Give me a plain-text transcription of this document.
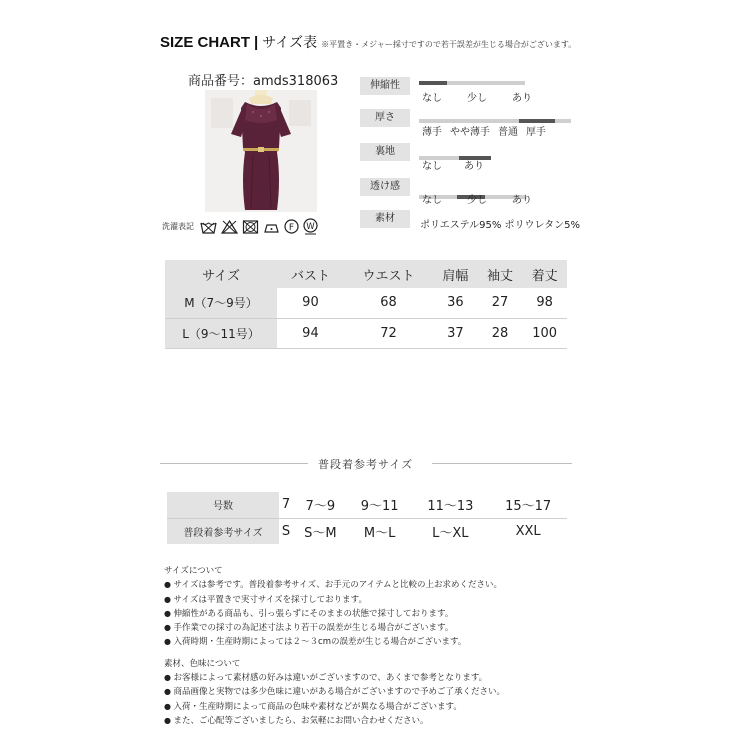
SIZE CHART | サイズ表 ※平置き・メジャー採寸ですので若干誤差が生じる場合がございます。
商品番号：amds318063
洗濯表記	F W
伸縮性
なし	少し	あり
厚さ
薄手 やや薄手 普通 厚手
裏地
なし あり
透け感
なし	少し	あり
素材
ポリエステル95% ポリウレタン5%
サイズ	バスト	ウエスト	肩幅	袖丈	着丈
M（7〜9号）	90	68	36	27	98
L（9〜11号）	94	72	37	28	100
普段着参考サイズ
号数	7	7〜9	9〜11	11〜13	15〜17
普段着参考サイズ	S	S〜M	M〜L	L〜XL	XXL
サイズについて
● サイズは参考です。普段着参考サイズ、お手元のアイテムと比較の上お求めください。
● サイズは平置きで実寸サイズを採寸しております。
● 伸縮性がある商品も、引っ張らずにそのままの状態で採寸しております。
● 手作業での採寸の為記述寸法より若干の誤差が生じる場合がございます。
● 入荷時期・生産時期によっては２〜３cmの誤差が生じる場合がございます。
素材、色味について
● お客様によって素材感の好みは違いがございますので、あくまで参考となります。
● 商品画像と実物では多少色味に違いがある場合がございますので予めご了承ください。
● 入荷・生産時期によって商品の色味や素材などが異なる場合がございます。
● また、ご心配等ございましたら、お気軽にお問い合わせください。
